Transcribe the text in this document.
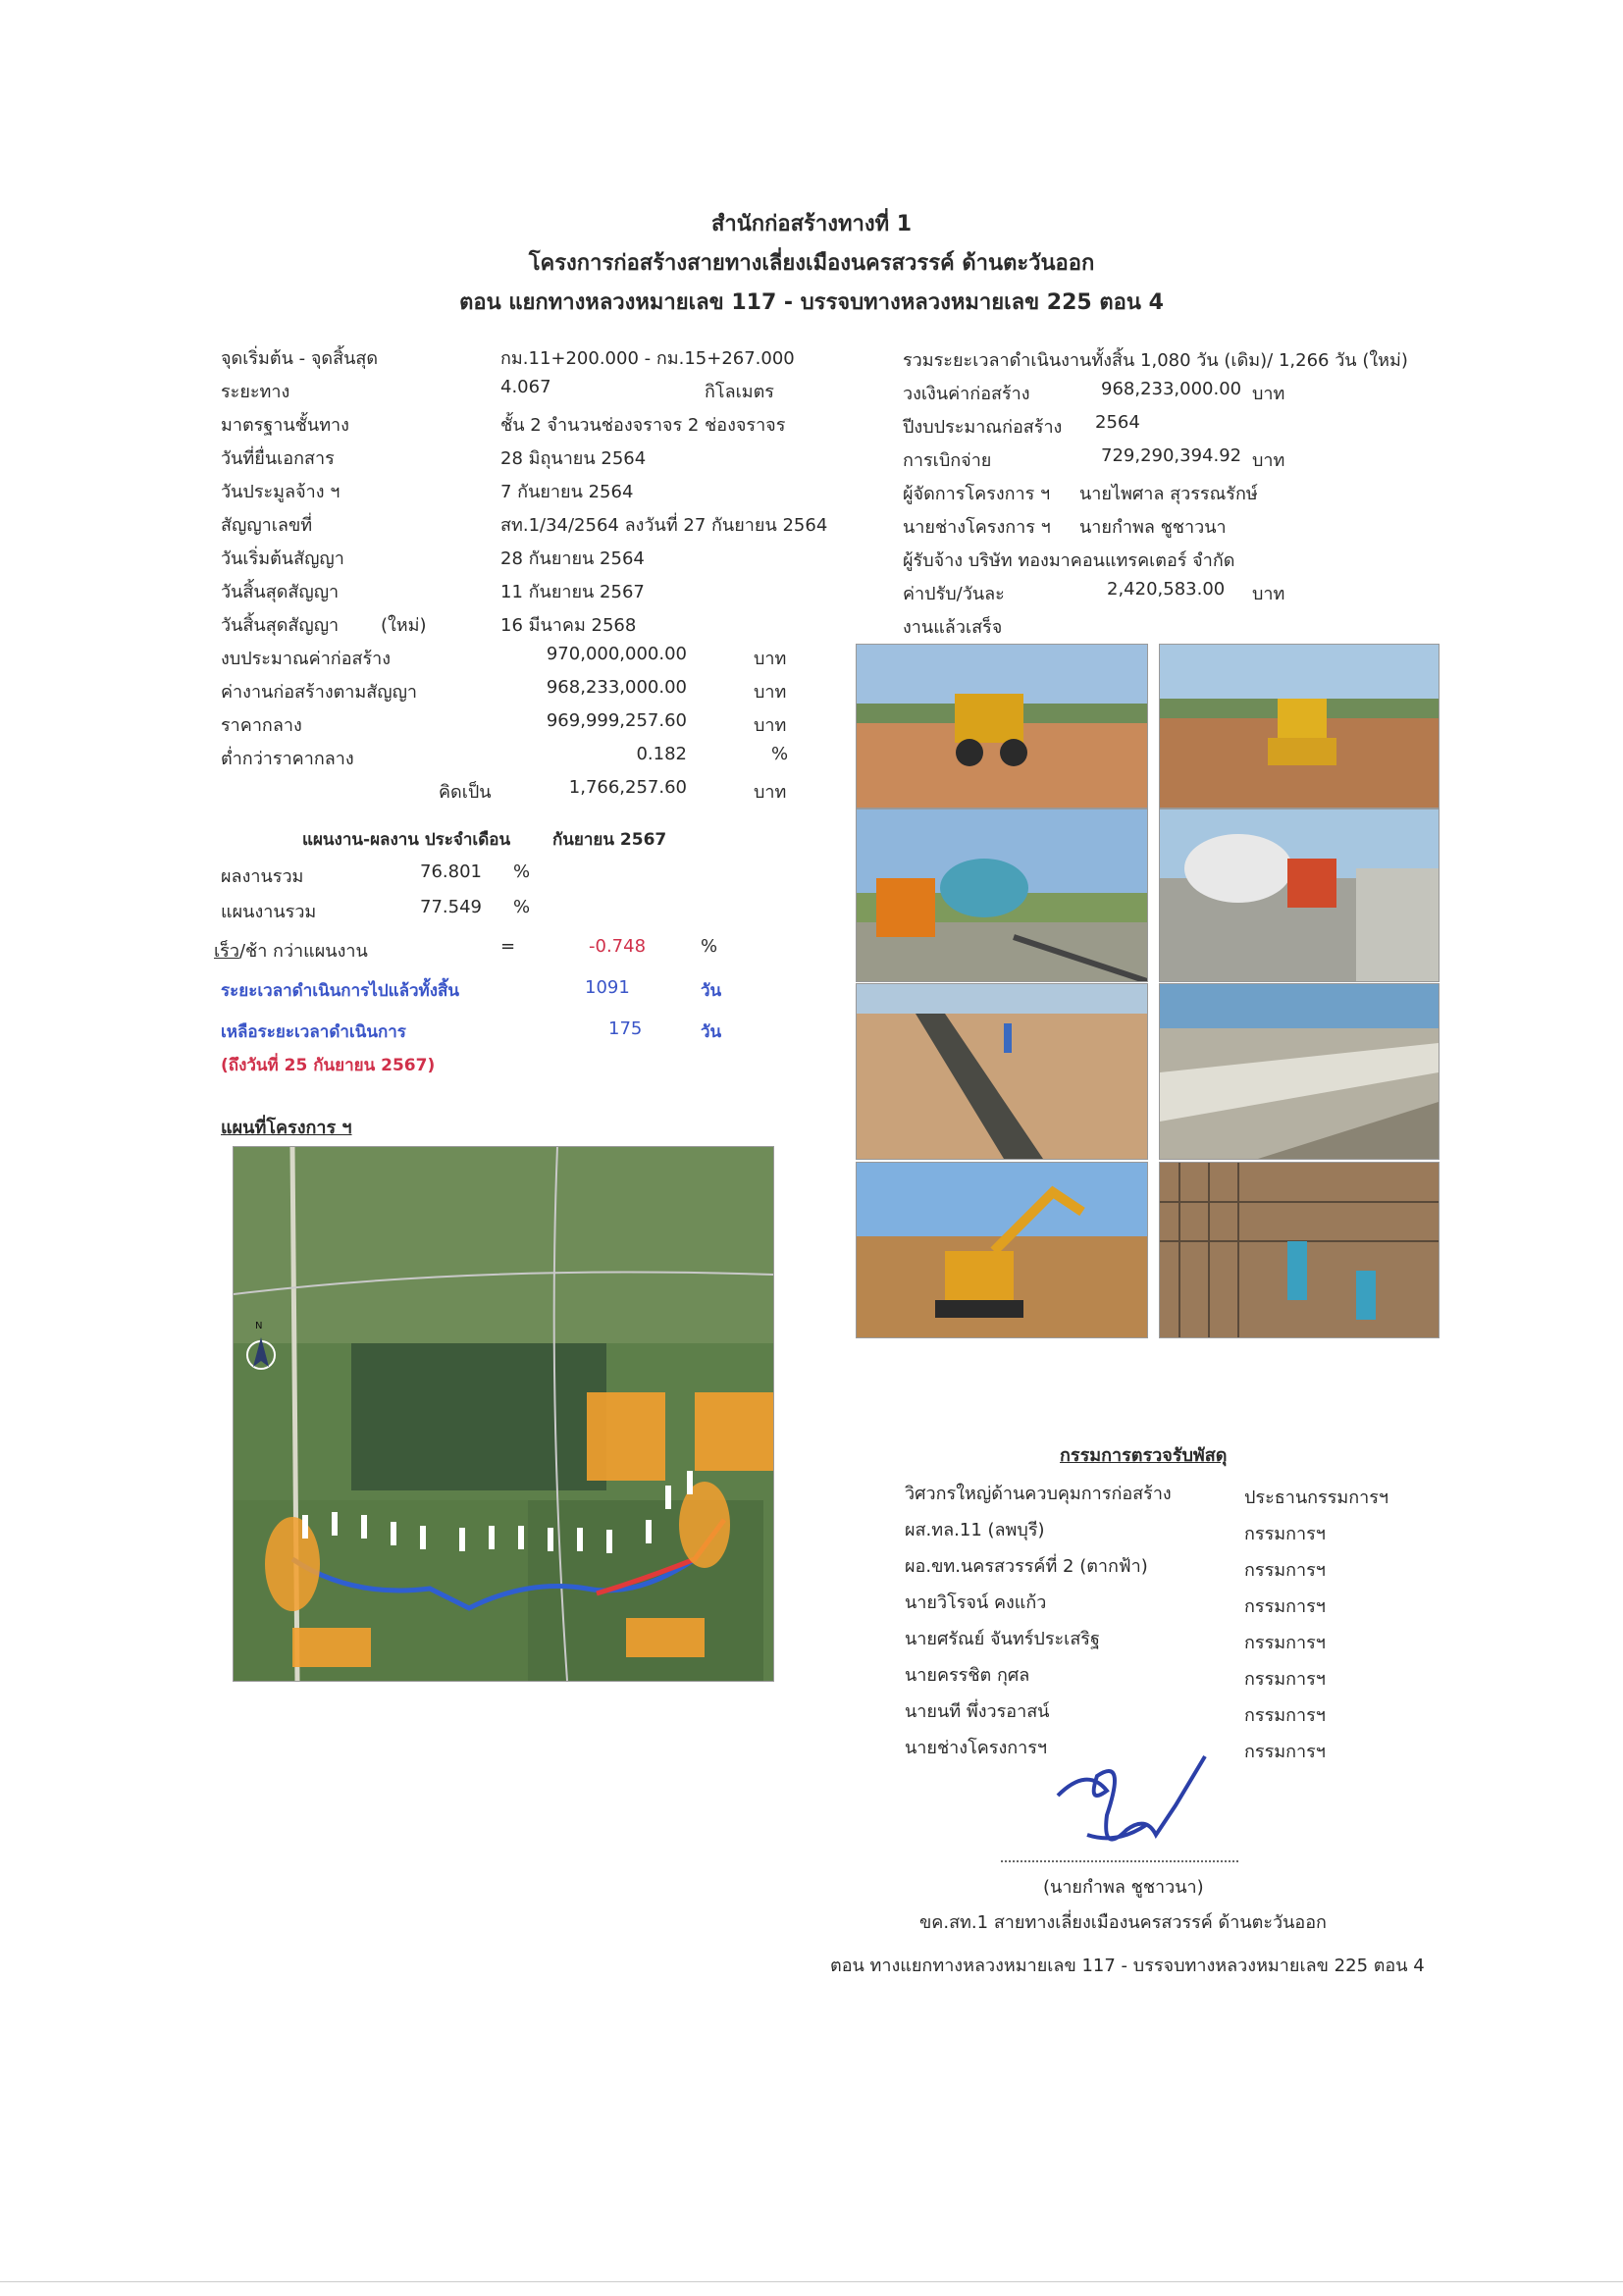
สำนักก่อสร้างทางที่ 1
โครงการก่อสร้างสายทางเลี่ยงเมืองนครสวรรค์ ด้านตะวันออก
ตอน แยกทางหลวงหมายเลข 117 - บรรจบทางหลวงหมายเลข 225 ตอน 4
จุดเริ่มต้น - จุดสิ้นสุด	กม.11+200.000 - กม.15+267.000
ระยะทาง	4.067	กิโลเมตร
มาตรฐานชั้นทาง	ชั้น 2 จำนวนช่องจราจร 2 ช่องจราจร
วันที่ยื่นเอกสาร	28 มิถุนายน 2564
วันประมูลจ้าง ฯ	7 กันยายน 2564
สัญญาเลขที่	สท.1/34/2564 ลงวันที่ 27 กันยายน 2564
วันเริ่มต้นสัญญา	28 กันยายน 2564
วันสิ้นสุดสัญญา	11 กันยายน 2567
วันสิ้นสุดสัญญา (ใหม่)	16 มีนาคม 2568
งบประมาณค่าก่อสร้าง	970,000,000.00	บาท
ค่างานก่อสร้างตามสัญญา	968,233,000.00	บาท
ราคากลาง	969,999,257.60	บาท
ต่ำกว่าราคากลาง	0.182	%
คิดเป็น	1,766,257.60	บาท
รวมระยะเวลาดำเนินงานทั้งสิ้น 1,080 วัน (เดิม)/ 1,266 วัน (ใหม่)
วงเงินค่าก่อสร้าง	968,233,000.00 บาท
ปีงบประมาณก่อสร้าง 2564
การเบิกจ่าย	729,290,394.92 บาท
ผู้จัดการโครงการ ฯ นายไพศาล สุวรรณรักษ์
นายช่างโครงการ ฯ นายกำพล ชูชาวนา
ผู้รับจ้าง บริษัท ทองมาคอนแทรคเตอร์ จำกัด
ค่าปรับ/วันละ	2,420,583.00 บาท
งานแล้วเสร็จ
แผนงาน-ผลงาน ประจำเดือน	กันยายน 2567
ผลงานรวม	76.801 %
แผนงานรวม	77.549 %
เร็ว/ช้า กว่าแผนงาน	=	-0.748	%
ระยะเวลาดำเนินการไปแล้วทั้งสิ้น	1091	วัน
เหลือระยะเวลาดำเนินการ	175	วัน
(ถึงวันที่ 25 กันยายน 2567)
แผนที่โครงการ ฯ
N
กรรมการตรวจรับพัสดุ
วิศวกรใหญ่ด้านควบคุมการก่อสร้าง	ประธานกรรมการฯ
ผส.ทล.11 (ลพบุรี)	กรรมการฯ
ผอ.ขท.นครสวรรค์ที่ 2 (ตากฟ้า)	กรรมการฯ
นายวิโรจน์ คงแก้ว	กรรมการฯ
นายศรัณย์ จันทร์ประเสริฐ	กรรมการฯ
นายครรชิต กุศล	กรรมการฯ
นายนที พึ่งวรอาสน์	กรรมการฯ
นายช่างโครงการฯ	กรรมการฯ
(นายกำพล ชูชาวนา)
ขค.สท.1 สายทางเลี่ยงเมืองนครสวรรค์ ด้านตะวันออก
ตอน ทางแยกทางหลวงหมายเลข 117 - บรรจบทางหลวงหมายเลข 225 ตอน 4
